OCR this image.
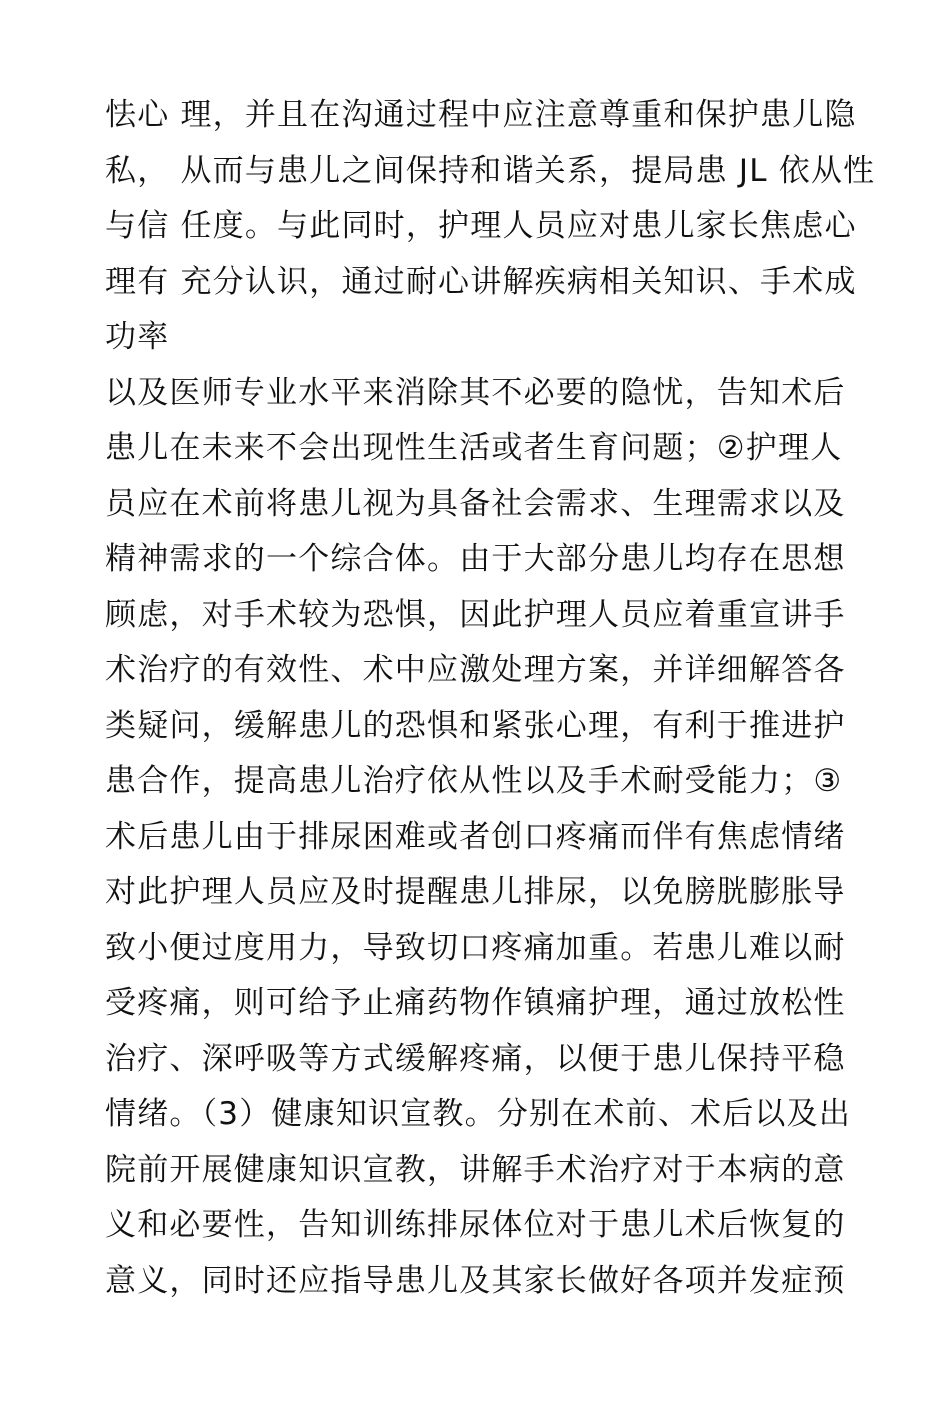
怯心 理，并且在沟通过程中应注意尊重和保护患儿隐
私， 从而与患儿之间保持和谐关系，提局患 JL 依从性
与信 任度。与此同时，护理人员应对患儿家长焦虑心
理有 充分认识，通过耐心讲解疾病相关知识、手术成
功率
以及医师专业水平来消除其不必要的隐忧，告知术后
患儿在未来不会出现性生活或者生育问题；②护理人
员应在术前将患儿视为具备社会需求、生理需求以及
精神需求的一个综合体。由于大部分患儿均存在思想
顾虑，对手术较为恐惧，因此护理人员应着重宣讲手
术治疗的有效性、术中应激处理方案，并详细解答各
类疑问，缓解患儿的恐惧和紧张心理，有利于推进护
患合作，提高患儿治疗依从性以及手术耐受能力；③
术后患儿由于排尿困难或者创口疼痛而伴有焦虑情绪
对此护理人员应及时提醒患儿排尿，以免膀胱膨胀导
致小便过度用力，导致切口疼痛加重。若患儿难以耐
受疼痛，则可给予止痛药物作镇痛护理，通过放松性
治疗、深呼吸等方式缓解疼痛，以便于患儿保持平稳
情绪。（3）健康知识宣教。分别在术前、术后以及出
院前开展健康知识宣教，讲解手术治疗对于本病的意
义和必要性，告知训练排尿体位对于患儿术后恢复的
意义，同时还应指导患儿及其家长做好各项并发症预
